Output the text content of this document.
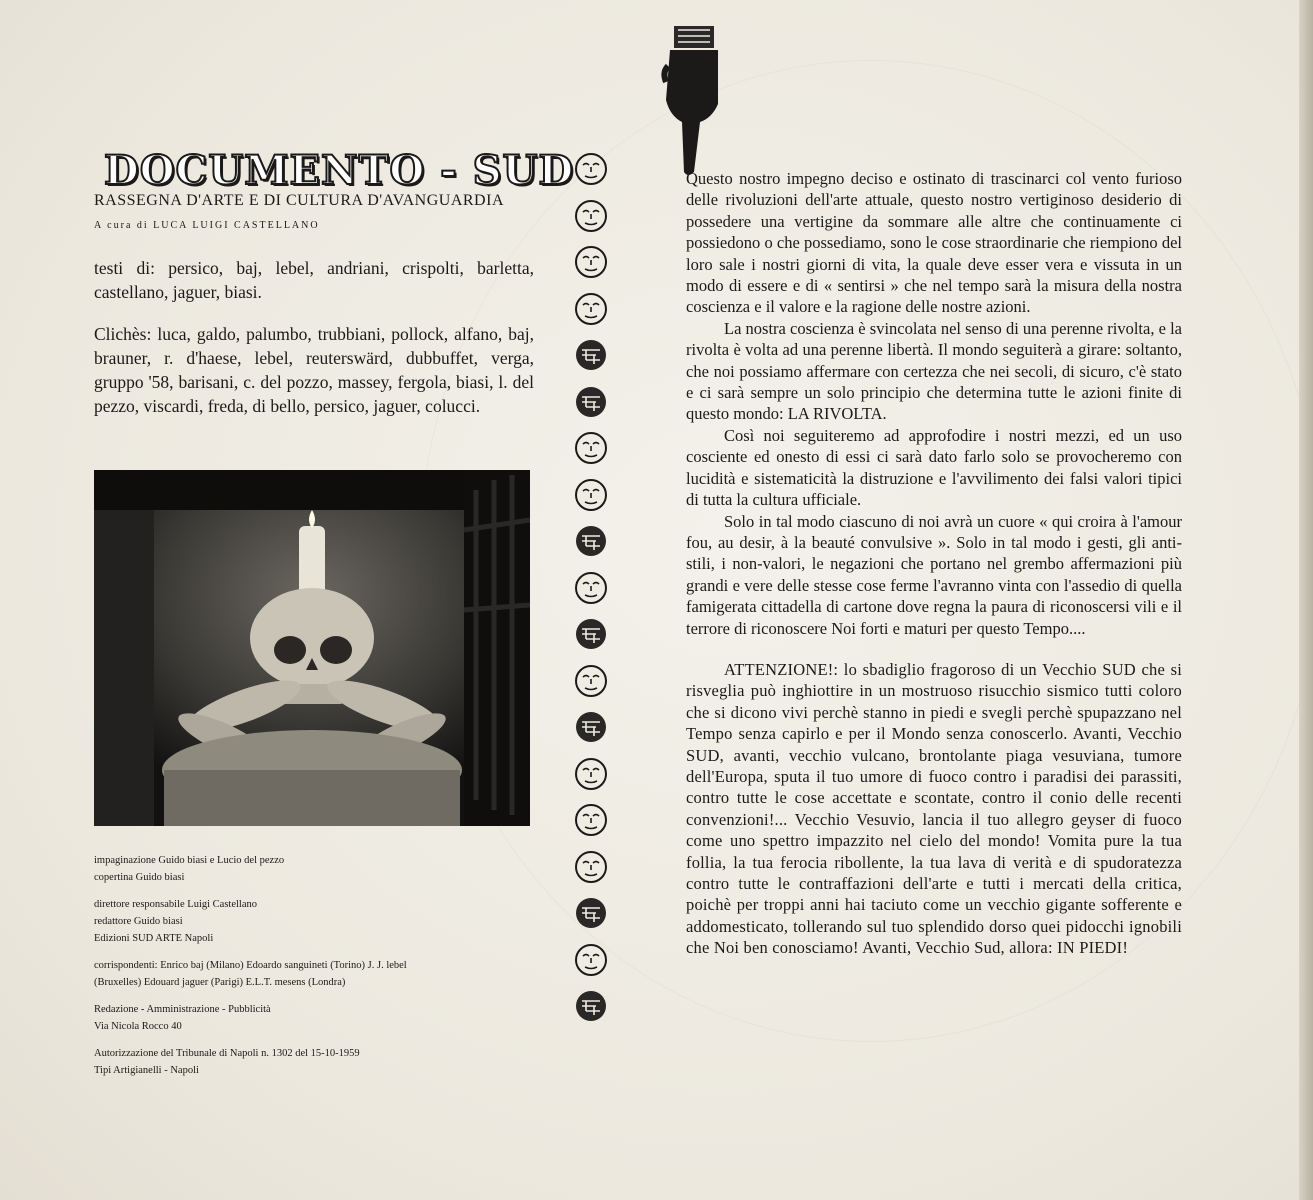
DOCUMENTO - SUD
RASSEGNA D'ARTE E DI CULTURA D'AVANGUARDIA
A cura di LUCA LUIGI CASTELLANO

testi di: persico, baj, lebel, andriani, crispolti, barletta, castellano, jaguer, biasi.

Clichès: luca, galdo, palumbo, trubbiani, pollock, alfano, baj, brauner, r. d'haese, lebel, reuterswärd, dubbuffet, verga, gruppo '58, barisani, c. del pozzo, massey, fergola, biasi, l. del pezzo, viscardi, freda, di bello, persico, jaguer, colucci.

impaginazione Guido biasi e Lucio del pezzo
copertina Guido biasi
direttore responsabile Luigi Castellano
redattore Guido biasi
Edizioni SUD ARTE Napoli
corrispondenti: Enrico baj (Milano) Edoardo sanguineti (Torino) J. J. lebel
(Bruxelles) Edouard jaguer (Parigi) E.L.T. mesens (Londra)
Redazione - Amministrazione - Pubblicità
Via Nicola Rocco 40
Autorizzazione del Tribunale di Napoli n. 1302 del 15-10-1959
Tipi Artigianelli - Napoli

Questo nostro impegno deciso e ostinato di trascinarci col vento furioso delle rivoluzioni dell'arte attuale, questo nostro vertiginoso desiderio di possedere una vertigine da sommare alle altre che continuamente ci possiedono o che possediamo, sono le cose straordinarie che riempiono del loro sale i nostri giorni di vita, la quale deve esser vera e vissuta in un modo di essere e di « sentirsi » che nel tempo sarà la misura della nostra coscienza e il valore e la ragione delle nostre azioni.

La nostra coscienza è svincolata nel senso di una perenne rivolta, e la rivolta è volta ad una perenne libertà. Il mondo seguiterà a girare: soltanto, che noi possiamo affermare con certezza che nei secoli, di sicuro, c'è stato e ci sarà sempre un solo principio che determina tutte le azioni finite di questo mondo: LA RIVOLTA.

Così noi seguiteremo ad approfodire i nostri mezzi, ed un uso cosciente ed onesto di essi ci sarà dato farlo solo se provocheremo con lucidità e sistematicità la distruzione e l'avvilimento dei falsi valori tipici di tutta la cultura ufficiale.

Solo in tal modo ciascuno di noi avrà un cuore « qui croira à l'amour fou, au desir, à la beauté convulsive ». Solo in tal modo i gesti, gli anti-stili, i non-valori, le negazioni che portano nel grembo affermazioni più grandi e vere delle stesse cose ferme l'avranno vinta con l'assedio di quella famigerata cittadella di cartone dove regna la paura di riconoscersi vili e il terrore di riconoscere Noi forti e maturi per questo Tempo....

ATTENZIONE!: lo sbadiglio fragoroso di un Vecchio SUD che si risveglia può inghiottire in un mostruoso risucchio sismico tutti coloro che si dicono vivi perchè stanno in piedi e svegli perchè spupazzano nel Tempo senza capirlo e per il Mondo senza conoscerlo. Avanti, Vecchio SUD, avanti, vecchio vulcano, brontolante piaga vesuviana, tumore dell'Europa, sputa il tuo umore di fuoco contro i paradisi dei parassiti, contro tutte le cose accettate e scontate, contro il conio delle recenti convenzioni!... Vecchio Vesuvio, lancia il tuo allegro geyser di fuoco come uno spettro impazzito nel cielo del mondo! Vomita pure la tua follia, la tua ferocia ribollente, la tua lava di verità e di spudoratezza contro tutte le contraffazioni dell'arte e tutti i mercati della critica, poichè per troppi anni hai taciuto come un vecchio gigante sofferente e addomesticato, tollerando sul tuo splendido dorso quei pidocchi ignobili che Noi ben conosciamo! Avanti, Vecchio Sud, allora: IN PIEDI!
